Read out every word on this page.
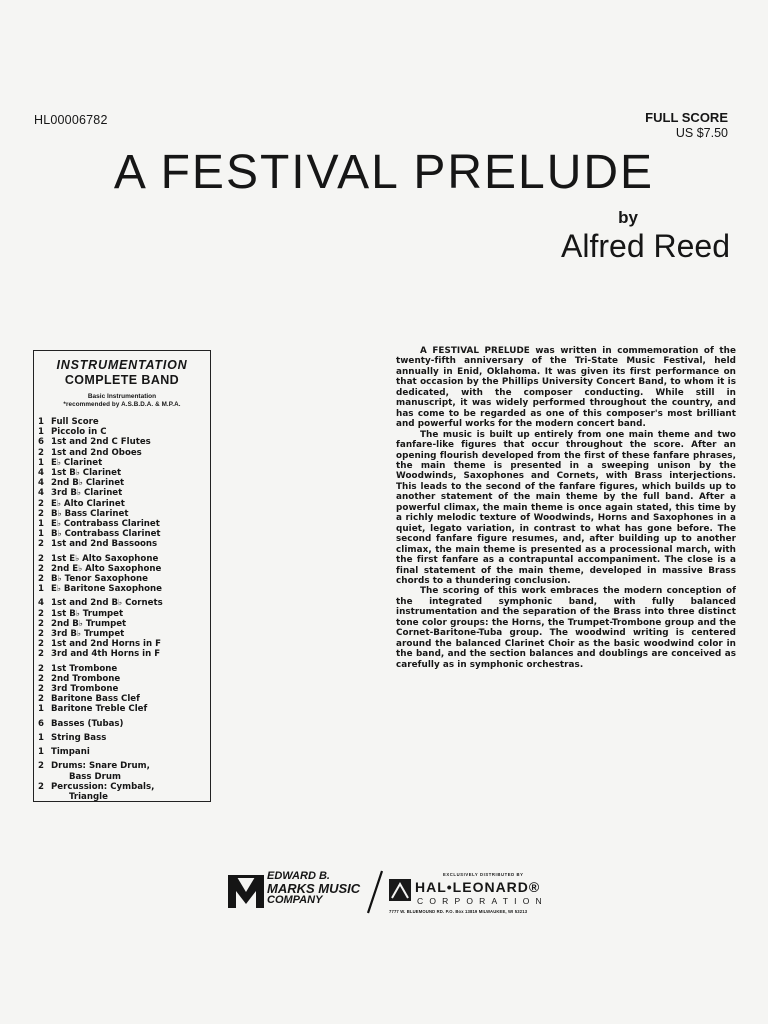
HL00006782	FULL SCORE
US $7.50
A FESTIVAL PRELUDE
by
Alfred Reed
INSTRUMENTATION
COMPLETE BAND
Basic Instrumentation
*recommended by A.S.B.D.A. & M.P.A.
1 Full Score
1 Piccolo in C
6 1st and 2nd C Flutes
2 1st and 2nd Oboes
1 E♭ Clarinet
4 1st B♭ Clarinet
4 2nd B♭ Clarinet
4 3rd B♭ Clarinet
2 E♭ Alto Clarinet
2 B♭ Bass Clarinet
1 E♭ Contrabass Clarinet
1 B♭ Contrabass Clarinet
2 1st and 2nd Bassoons
2 1st E♭ Alto Saxophone
2 2nd E♭ Alto Saxophone
2 B♭ Tenor Saxophone
1 E♭ Baritone Saxophone
4 1st and 2nd B♭ Cornets
2 1st B♭ Trumpet
2 2nd B♭ Trumpet
2 3rd B♭ Trumpet
2 1st and 2nd Horns in F
2 3rd and 4th Horns in F
2 1st Trombone
2 2nd Trombone
2 3rd Trombone
2 Baritone Bass Clef
1 Baritone Treble Clef
6 Basses (Tubas)
1 String Bass
1 Timpani
2 Drums: Snare Drum,
Bass Drum
2 Percussion: Cymbals,
Triangle

A FESTIVAL PRELUDE was written in commemoration of the twenty-fifth anniversary of the Tri-State Music Festival, held annually in Enid, Oklahoma. It was given its first performance on that occasion by the Phillips University Concert Band, to whom it is dedicated, with the composer conducting. While still in manuscript, it was widely performed throughout the country, and has come to be regarded as one of this composer's most brilliant and powerful works for the modern concert band.

The music is built up entirely from one main theme and two fanfare-like figures that occur throughout the score. After an opening flourish developed from the first of these fanfare phrases, the main theme is presented in a sweeping unison by the Woodwinds, Saxophones and Cornets, with Brass interjections. This leads to the second of the fanfare figures, which builds up to another statement of the main theme by the full band. After a powerful climax, the main theme is once again stated, this time by a richly melodic texture of Woodwinds, Horns and Saxophones in a quiet, legato variation, in contrast to what has gone before. The second fanfare figure resumes, and, after building up to another climax, the main theme is presented as a processional march, with the first fanfare as a contrapuntal accompaniment. The close is a final statement of the main theme, developed in massive Brass chords to a thundering conclusion.

The scoring of this work embraces the modern conception of the integrated symphonic band, with fully balanced instrumentation and the separation of the Brass into three distinct tone color groups: the Horns, the Trumpet-Trombone group and the Cornet-Baritone-Tuba group. The woodwind writing is centered around the balanced Clarinet Choir as the basic woodwind color in the band, and the section balances and doublings are conceived as carefully as in symphonic orchestras.

EDWARD B.
MARKS MUSIC
COMPANY
EXCLUSIVELY DISTRIBUTED BY
HAL•LEONARD®
CORPORATION
7777 W. BLUEMOUND RD. P.O. Box 13819 MILWAUKEE, WI 53213
